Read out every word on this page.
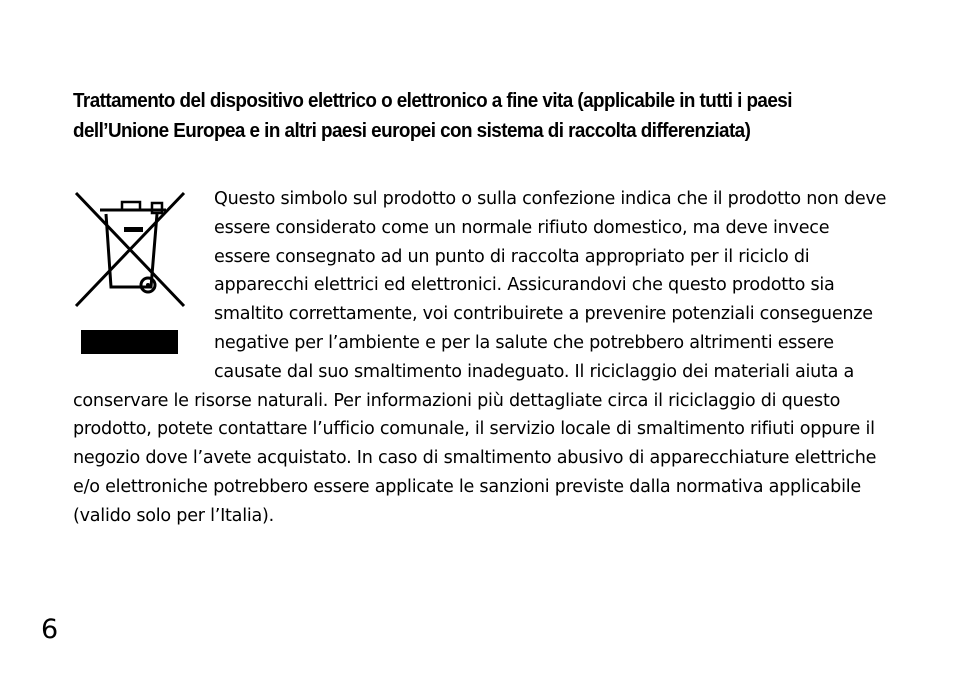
Trattamento del dispositivo elettrico o elettronico a fine vita (applicabile in tutti i paesi dell’Unione Europea e in altri paesi europei con sistema di raccolta differenziata)

Questo simbolo sul prodotto o sulla confezione indica che il prodotto non deve essere considerato come un normale rifiuto domestico, ma deve invece essere consegnato ad un punto di raccolta appropriato per il riciclo di apparecchi elettrici ed elettronici. Assicurandovi che questo prodotto sia smaltito correttamente, voi contribuirete a prevenire potenziali conseguenze negative per l’ambiente e per la salute che potrebbero altrimenti essere causate dal suo smaltimento inadeguato. Il riciclaggio dei materiali aiuta a conservare le risorse naturali. Per informazioni più dettagliate circa il riciclaggio di questo prodotto, potete contattare l’ufficio comunale, il servizio locale di smaltimento rifiuti oppure il negozio dove l’avete acquistato. In caso di smaltimento abusivo di apparecchiature elettriche e/o elettroniche potrebbero essere applicate le sanzioni previste dalla normativa applicabile (valido solo per l’Italia).

6
